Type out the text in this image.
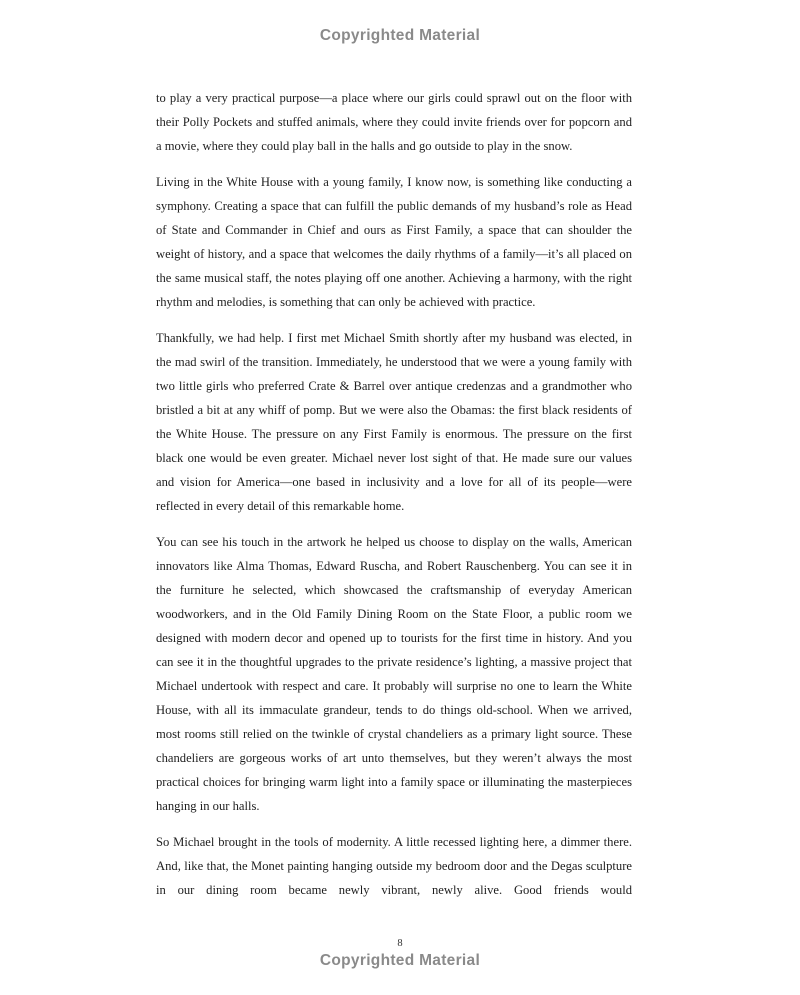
Copyrighted Material

to play a very practical purpose—a place where our girls could sprawl out on the floor with their Polly Pockets and stuffed animals, where they could invite friends over for popcorn and a movie, where they could play ball in the halls and go outside to play in the snow.

Living in the White House with a young family, I know now, is something like conducting a symphony. Creating a space that can fulfill the public demands of my husband’s role as Head of State and Commander in Chief and ours as First Family, a space that can shoulder the weight of history, and a space that welcomes the daily rhythms of a family—it’s all placed on the same musical staff, the notes playing off one another. Achieving a harmony, with the right rhythm and melodies, is something that can only be achieved with practice.

Thankfully, we had help. I first met Michael Smith shortly after my husband was elected, in the mad swirl of the transition. Immediately, he understood that we were a young family with two little girls who preferred Crate & Barrel over antique credenzas and a grandmother who bristled a bit at any whiff of pomp. But we were also the Obamas: the first black residents of the White House. The pressure on any First Family is enormous. The pressure on the first black one would be even greater. Michael never lost sight of that. He made sure our values and vision for America—one based in inclusivity and a love for all of its people—were reflected in every detail of this remarkable home.

You can see his touch in the artwork he helped us choose to display on the walls, American innovators like Alma Thomas, Edward Ruscha, and Robert Rauschenberg. You can see it in the furniture he selected, which showcased the craftsmanship of everyday American woodworkers, and in the Old Family Dining Room on the State Floor, a public room we designed with modern decor and opened up to tourists for the first time in history. And you can see it in the thoughtful upgrades to the private residence’s lighting, a massive project that Michael undertook with respect and care. It probably will surprise no one to learn the White House, with all its immaculate grandeur, tends to do things old-school. When we arrived, most rooms still relied on the twinkle of crystal chandeliers as a primary light source. These chandeliers are gorgeous works of art unto themselves, but they weren’t always the most practical choices for bringing warm light into a family space or illuminating the masterpieces hanging in our halls.

So Michael brought in the tools of modernity. A little recessed lighting here, a dimmer there. And, like that, the Monet painting hanging outside my bedroom door and the Degas sculpture in our dining room became newly vibrant, newly alive. Good friends would

8
Copyrighted Material
